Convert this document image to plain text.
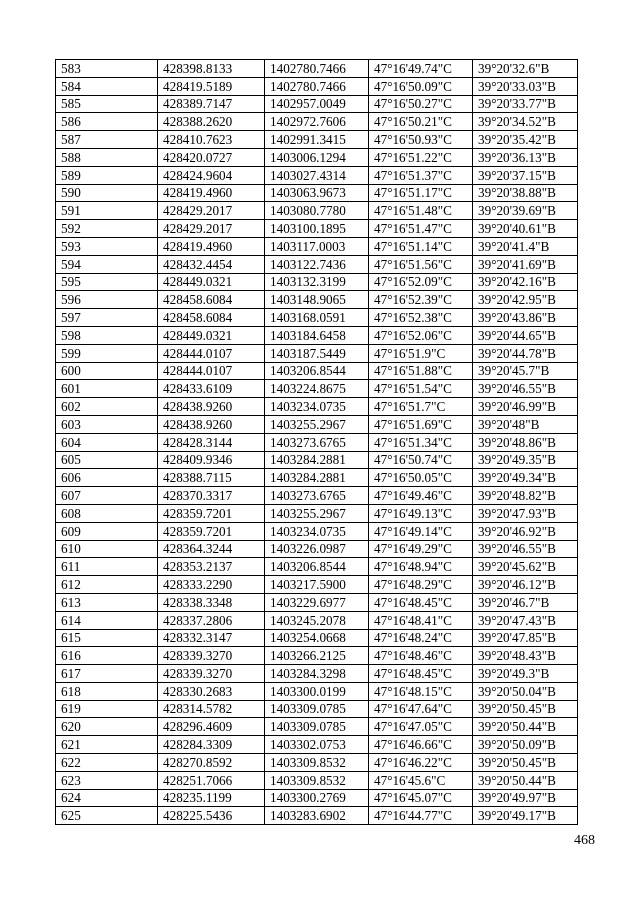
583	428398.8133	1402780.7466	47°16'49.74"С	39°20'32.6"В
584	428419.5189	1402780.7466	47°16'50.09"С	39°20'33.03"В
585	428389.7147	1402957.0049	47°16'50.27"С	39°20'33.77"В
586	428388.2620	1402972.7606	47°16'50.21"С	39°20'34.52"В
587	428410.7623	1402991.3415	47°16'50.93"С	39°20'35.42"В
588	428420.0727	1403006.1294	47°16'51.22"С	39°20'36.13"В
589	428424.9604	1403027.4314	47°16'51.37"С	39°20'37.15"В
590	428419.4960	1403063.9673	47°16'51.17"С	39°20'38.88"В
591	428429.2017	1403080.7780	47°16'51.48"С	39°20'39.69"В
592	428429.2017	1403100.1895	47°16'51.47"С	39°20'40.61"В
593	428419.4960	1403117.0003	47°16'51.14"С	39°20'41.4"В
594	428432.4454	1403122.7436	47°16'51.56"С	39°20'41.69"В
595	428449.0321	1403132.3199	47°16'52.09"С	39°20'42.16"В
596	428458.6084	1403148.9065	47°16'52.39"С	39°20'42.95"В
597	428458.6084	1403168.0591	47°16'52.38"С	39°20'43.86"В
598	428449.0321	1403184.6458	47°16'52.06"С	39°20'44.65"В
599	428444.0107	1403187.5449	47°16'51.9"С	39°20'44.78"В
600	428444.0107	1403206.8544	47°16'51.88"С	39°20'45.7"В
601	428433.6109	1403224.8675	47°16'51.54"С	39°20'46.55"В
602	428438.9260	1403234.0735	47°16'51.7"С	39°20'46.99"В
603	428438.9260	1403255.2967	47°16'51.69"С	39°20'48"В
604	428428.3144	1403273.6765	47°16'51.34"С	39°20'48.86"В
605	428409.9346	1403284.2881	47°16'50.74"С	39°20'49.35"В
606	428388.7115	1403284.2881	47°16'50.05"С	39°20'49.34"В
607	428370.3317	1403273.6765	47°16'49.46"С	39°20'48.82"В
608	428359.7201	1403255.2967	47°16'49.13"С	39°20'47.93"В
609	428359.7201	1403234.0735	47°16'49.14"С	39°20'46.92"В
610	428364.3244	1403226.0987	47°16'49.29"С	39°20'46.55"В
611	428353.2137	1403206.8544	47°16'48.94"С	39°20'45.62"В
612	428333.2290	1403217.5900	47°16'48.29"С	39°20'46.12"В
613	428338.3348	1403229.6977	47°16'48.45"С	39°20'46.7"В
614	428337.2806	1403245.2078	47°16'48.41"С	39°20'47.43"В
615	428332.3147	1403254.0668	47°16'48.24"С	39°20'47.85"В
616	428339.3270	1403266.2125	47°16'48.46"С	39°20'48.43"В
617	428339.3270	1403284.3298	47°16'48.45"С	39°20'49.3"В
618	428330.2683	1403300.0199	47°16'48.15"С	39°20'50.04"В
619	428314.5782	1403309.0785	47°16'47.64"С	39°20'50.45"В
620	428296.4609	1403309.0785	47°16'47.05"С	39°20'50.44"В
621	428284.3309	1403302.0753	47°16'46.66"С	39°20'50.09"В
622	428270.8592	1403309.8532	47°16'46.22"С	39°20'50.45"В
623	428251.7066	1403309.8532	47°16'45.6"С	39°20'50.44"В
624	428235.1199	1403300.2769	47°16'45.07"С	39°20'49.97"В
625	428225.5436	1403283.6902	47°16'44.77"С	39°20'49.17"В
468
